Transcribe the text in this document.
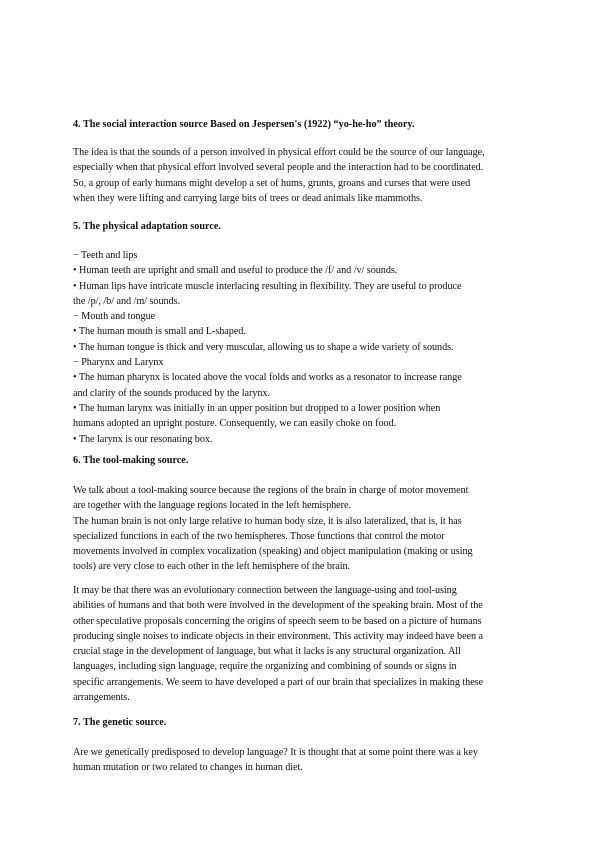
4. The social interaction source Based on Jespersen's (1922) “yo-he-ho” theory.
The idea is that the sounds of a person involved in physical effort could be the source of our language,
especially when that physical effort involved several people and the interaction had to be coordinated.
So, a group of early humans might develop a set of hums, grunts, groans and curses that were used
when they were lifting and carrying large bits of trees or dead animals like mammoths.
5. The physical adaptation source.
− Teeth and lips
• Human teeth are upright and small and useful to produce the /f/ and /v/ sounds.
• Human lips have intricate muscle interlacing resulting in flexibility. They are useful to produce
the /p/, /b/ and /m/ sounds.
− Mouth and tongue
• The human mouth is small and L-shaped.
• The human tongue is thick and very muscular, allowing us to shape a wide variety of sounds.
− Pharynx and Larynx
• The human pharynx is located above the vocal folds and works as a resonator to increase range
and clarity of the sounds produced by the larynx.
• The human larynx was initially in an upper position but dropped to a lower position when
humans adopted an upright posture. Consequently, we can easily choke on food.
• The larynx is our resonating box.
6. The tool-making source.
We talk about a tool-making source because the regions of the brain in charge of motor movement
are together with the language regions located in the left hemisphere.
The human brain is not only large relative to human body size, it is also lateralized, that is, it has
specialized functions in each of the two hemispheres. Those functions that control the motor
movements involved in complex vocalization (speaking) and object manipulation (making or using
tools) are very close to each other in the left hemisphere of the brain.
It may be that there was an evolutionary connection between the language-using and tool-using
abilities of humans and that both were involved in the development of the speaking brain. Most of the
other speculative proposals concerning the origins of speech seem to be based on a picture of humans
producing single noises to indicate objects in their environment. This activity may indeed have been a
crucial stage in the development of language, but what it lacks is any structural organization. All
languages, including sign language, require the organizing and combining of sounds or signs in
specific arrangements. We seem to have developed a part of our brain that specializes in making these
arrangements.
7. The genetic source.
Are we genetically predisposed to develop language? It is thought that at some point there was a key
human mutation or two related to changes in human diet.
